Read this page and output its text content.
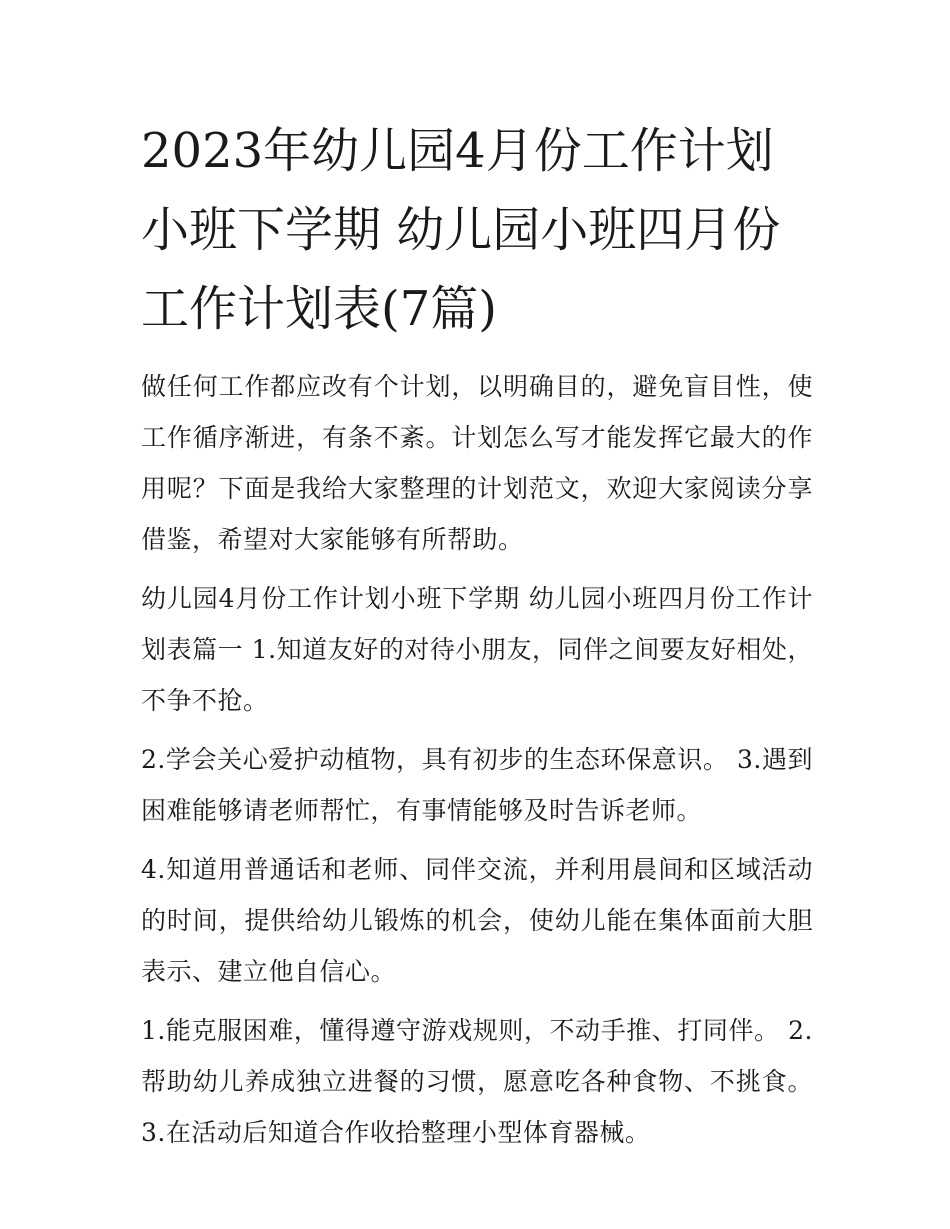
2023年幼儿园4月份工作计划小班下学期 幼儿园小班四月份工作计划表(7篇)

做任何工作都应改有个计划，以明确目的，避免盲目性，使工作循序渐进，有条不紊。计划怎么写才能发挥它最大的作用呢？下面是我给大家整理的计划范文，欢迎大家阅读分享借鉴，希望对大家能够有所帮助。

幼儿园4月份工作计划小班下学期 幼儿园小班四月份工作计划表篇一 1.知道友好的对待小朋友，同伴之间要友好相处，不争不抢。

2.学会关心爱护动植物，具有初步的生态环保意识。 3.遇到困难能够请老师帮忙，有事情能够及时告诉老师。

4.知道用普通话和老师、同伴交流，并利用晨间和区域活动的时间，提供给幼儿锻炼的机会，使幼儿能在集体面前大胆表示、建立他自信心。

1.能克服困难，懂得遵守游戏规则，不动手推、打同伴。 2.帮助幼儿养成独立进餐的习惯，愿意吃各种食物、不挑食。 3.在活动后知道合作收拾整理小型体育器械。
